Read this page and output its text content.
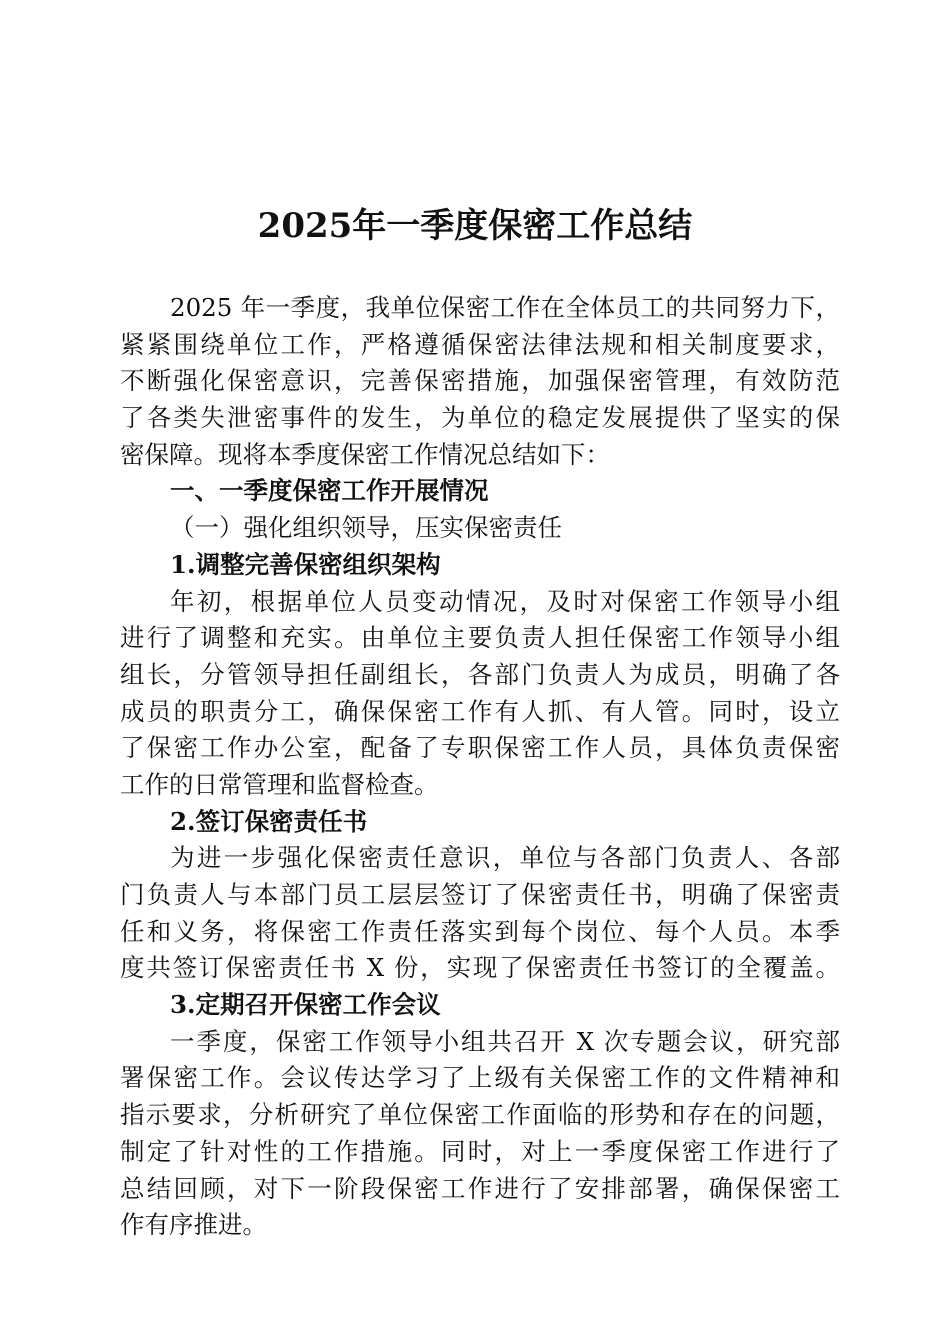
2025年一季度保密工作总结
2025 年一季度，我单位保密工作在全体员工的共同努力下，
紧紧围绕单位工作，严格遵循保密法律法规和相关制度要求，
不断强化保密意识，完善保密措施，加强保密管理，有效防范
了各类失泄密事件的发生，为单位的稳定发展提供了坚实的保
密保障。现将本季度保密工作情况总结如下：
一、一季度保密工作开展情况
（一）强化组织领导，压实保密责任
1.调整完善保密组织架构
年初，根据单位人员变动情况，及时对保密工作领导小组
进行了调整和充实。由单位主要负责人担任保密工作领导小组
组长，分管领导担任副组长，各部门负责人为成员，明确了各
成员的职责分工，确保保密工作有人抓、有人管。同时，设立
了保密工作办公室，配备了专职保密工作人员，具体负责保密
工作的日常管理和监督检查。
2.签订保密责任书
为进一步强化保密责任意识，单位与各部门负责人、各部
门负责人与本部门员工层层签订了保密责任书，明确了保密责
任和义务，将保密工作责任落实到每个岗位、每个人员。本季
度共签订保密责任书 X 份，实现了保密责任书签订的全覆盖。
3.定期召开保密工作会议
一季度，保密工作领导小组共召开 X 次专题会议，研究部
署保密工作。会议传达学习了上级有关保密工作的文件精神和
指示要求，分析研究了单位保密工作面临的形势和存在的问题，
制定了针对性的工作措施。同时，对上一季度保密工作进行了
总结回顾，对下一阶段保密工作进行了安排部署，确保保密工
作有序推进。
